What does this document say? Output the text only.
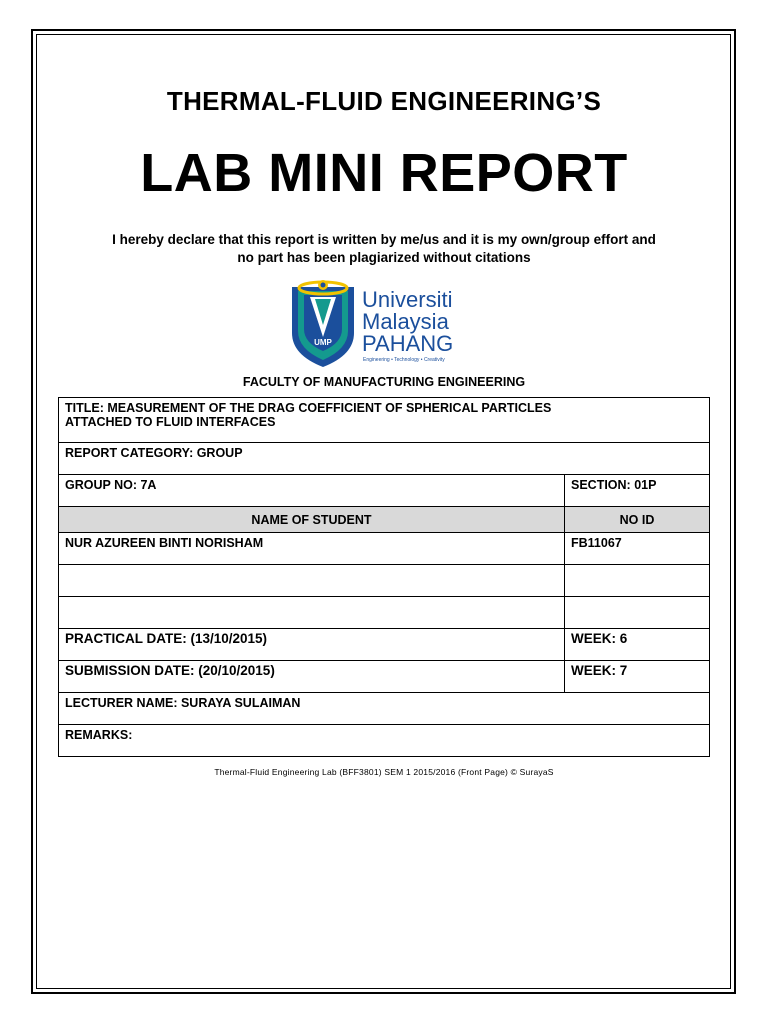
THERMAL-FLUID ENGINEERING’S
LAB MINI REPORT
I hereby declare that this report is written by me/us and it is my own/group effort and
no part has been plagiarized without citations
UMP
Universiti
Malaysia
PAHANG
Engineering • Technology • Creativity
FACULTY OF MANUFACTURING ENGINEERING
TITLE: MEASUREMENT OF THE DRAG COEFFICIENT OF SPHERICAL PARTICLES
ATTACHED TO FLUID INTERFACES	

REPORT CATEGORY: GROUP	
GROUP NO: 7A	SECTION: 01P
NAME OF STUDENT	NO ID
NUR AZUREEN BINTI NORISHAM	FB11067

PRACTICAL DATE: (13/10/2015)	WEEK: 6
SUBMISSION DATE: (20/10/2015)	WEEK: 7
LECTURER NAME: SURAYA SULAIMAN	
REMARKS:	
Thermal-Fluid Engineering Lab (BFF3801) SEM 1 2015/2016 (Front Page) © SurayaS
